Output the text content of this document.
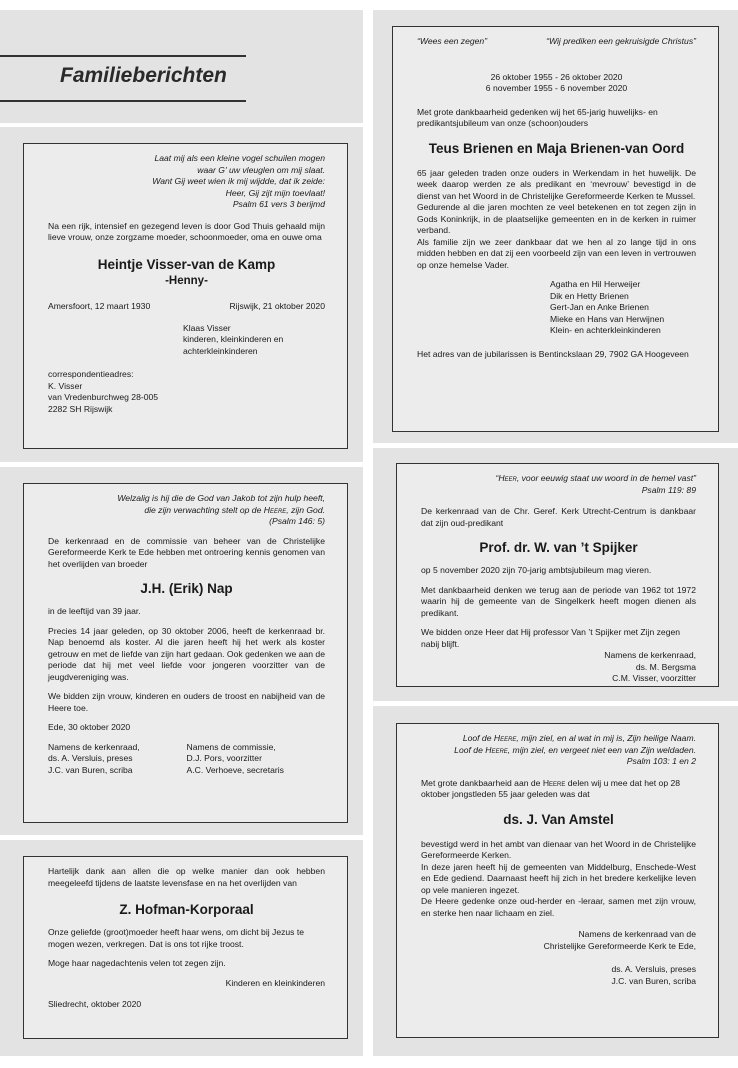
Familieberichten

Laat mij als een kleine vogel schuilen mogen

waar G' uw vleuglen om mij slaat.

Want Gij weet wien ik mij wijdde, dat ik zeide:

Heer, Gij zijt mijn toevlaat!

Psalm 61 vers 3 berijmd

Na een rijk, intensief en gezegend leven is door God Thuis gehaald mijn lieve vrouw, onze zorgzame moeder, schoonmoeder, oma en ouwe oma

Heintje Visser-van de Kamp

-Henny-

Amersfoort, 12 maart 1930	Rijswijk, 21 oktober 2020

Klaas Visser

kinderen, kleinkinderen en

achterkleinkinderen

correspondentieadres:

K. Visser

van Vredenburchweg 28-005

2282 SH Rijswijk

Welzalig is hij die de God van Jakob tot zijn hulp heeft,

die zijn verwachting stelt op de Heere, zijn God.

(Psalm 146: 5)

De kerkenraad en de commissie van beheer van de Christelijke Gereformeerde Kerk te Ede hebben met ontroering kennis genomen van het overlijden van broeder

J.H. (Erik) Nap

in de leeftijd van 39 jaar.

Precies 14 jaar geleden, op 30 oktober 2006, heeft de kerkenraad br. Nap benoemd als koster. Al die jaren heeft hij het werk als koster getrouw en met de liefde van zijn hart gedaan. Ook gedenken we aan de periode dat hij met veel liefde voor jongeren voorzitter van de jeugdvereniging was.

We bidden zijn vrouw, kinderen en ouders de troost en nabijheid van de Heere toe.

Ede, 30 oktober 2020

Namens de kerkenraad,

ds. A. Versluis, preses

J.C. van Buren, scriba

Namens de commissie,

D.J. Pors, voorzitter

A.C. Verhoeve, secretaris

Hartelijk dank aan allen die op welke manier dan ook hebben meegeleefd tijdens de laatste levensfase en na het overlijden van

Z. Hofman-Korporaal

Onze geliefde (groot)moeder heeft haar wens, om dicht bij Jezus te mogen wezen, verkregen. Dat is ons tot rijke troost.

Moge haar nagedachtenis velen tot zegen zijn.

Kinderen en kleinkinderen

Sliedrecht, oktober 2020

“Wees een zegen”	“Wij prediken een gekruisigde Christus”

26 oktober 1955 - 26 oktober 2020

6 november 1955 - 6 november 2020

Met grote dankbaarheid gedenken wij het 65-jarig huwelijks- en predikantsjubileum van onze (schoon)ouders

Teus Brienen en Maja Brienen-van Oord

65 jaar geleden traden onze ouders in Werkendam in het huwelijk. De week daarop werden ze als predikant en ‘mevrouw’ bevestigd in de dienst van het Woord in de Christelijke Gereformeerde Kerken te Mussel.

Gedurende al die jaren mochten ze veel betekenen en tot zegen zijn in Gods Koninkrijk, in de plaatselijke gemeenten en in de kerken in ruimer verband.

Als familie zijn we zeer dankbaar dat we hen al zo lange tijd in ons midden hebben en dat zij een voorbeeld zijn van een leven in vertrouwen op onze hemelse Vader.

Agatha en Hil Herweijer

Dik en Hetty Brienen

Gert-Jan en Anke Brienen

Mieke en Hans van Herwijnen

Klein- en achterkleinkinderen

Het adres van de jubilarissen is Bentinckslaan 29, 7902 GA Hoogeveen

“Heer, voor eeuwig staat uw woord in de hemel vast”

Psalm 119: 89

De kerkenraad van de Chr. Geref. Kerk Utrecht-Centrum is dankbaar dat zijn oud-predikant

Prof. dr. W. van ’t Spijker

op 5 november 2020 zijn 70-jarig ambtsjubileum mag vieren.

Met dankbaarheid denken we terug aan de periode van 1962 tot 1972 waarin hij de gemeente van de Singelkerk heeft mogen dienen als predikant.

We bidden onze Heer dat Hij professor Van ’t Spijker met Zijn zegen nabij blijft.

Namens de kerkenraad,

ds. M. Bergsma

C.M. Visser, voorzitter

Loof de Heere, mijn ziel, en al wat in mij is, Zijn heilige Naam.

Loof de Heere, mijn ziel, en vergeet niet een van Zijn weldaden.

Psalm 103: 1 en 2

Met grote dankbaarheid aan de Heere delen wij u mee dat het op 28 oktober jongstleden 55 jaar geleden was dat

ds. J. Van Amstel

bevestigd werd in het ambt van dienaar van het Woord in de Christelijke Gereformeerde Kerken.

In deze jaren heeft hij de gemeenten van Middelburg, Enschede-West en Ede gediend. Daarnaast heeft hij zich in het bredere kerkelijke leven op vele manieren ingezet.

De Heere gedenke onze oud-herder en -leraar, samen met zijn vrouw, en sterke hen naar lichaam en ziel.

Namens de kerkenraad van de

Christelijke Gereformeerde Kerk te Ede,

ds. A. Versluis, preses

J.C. van Buren, scriba
